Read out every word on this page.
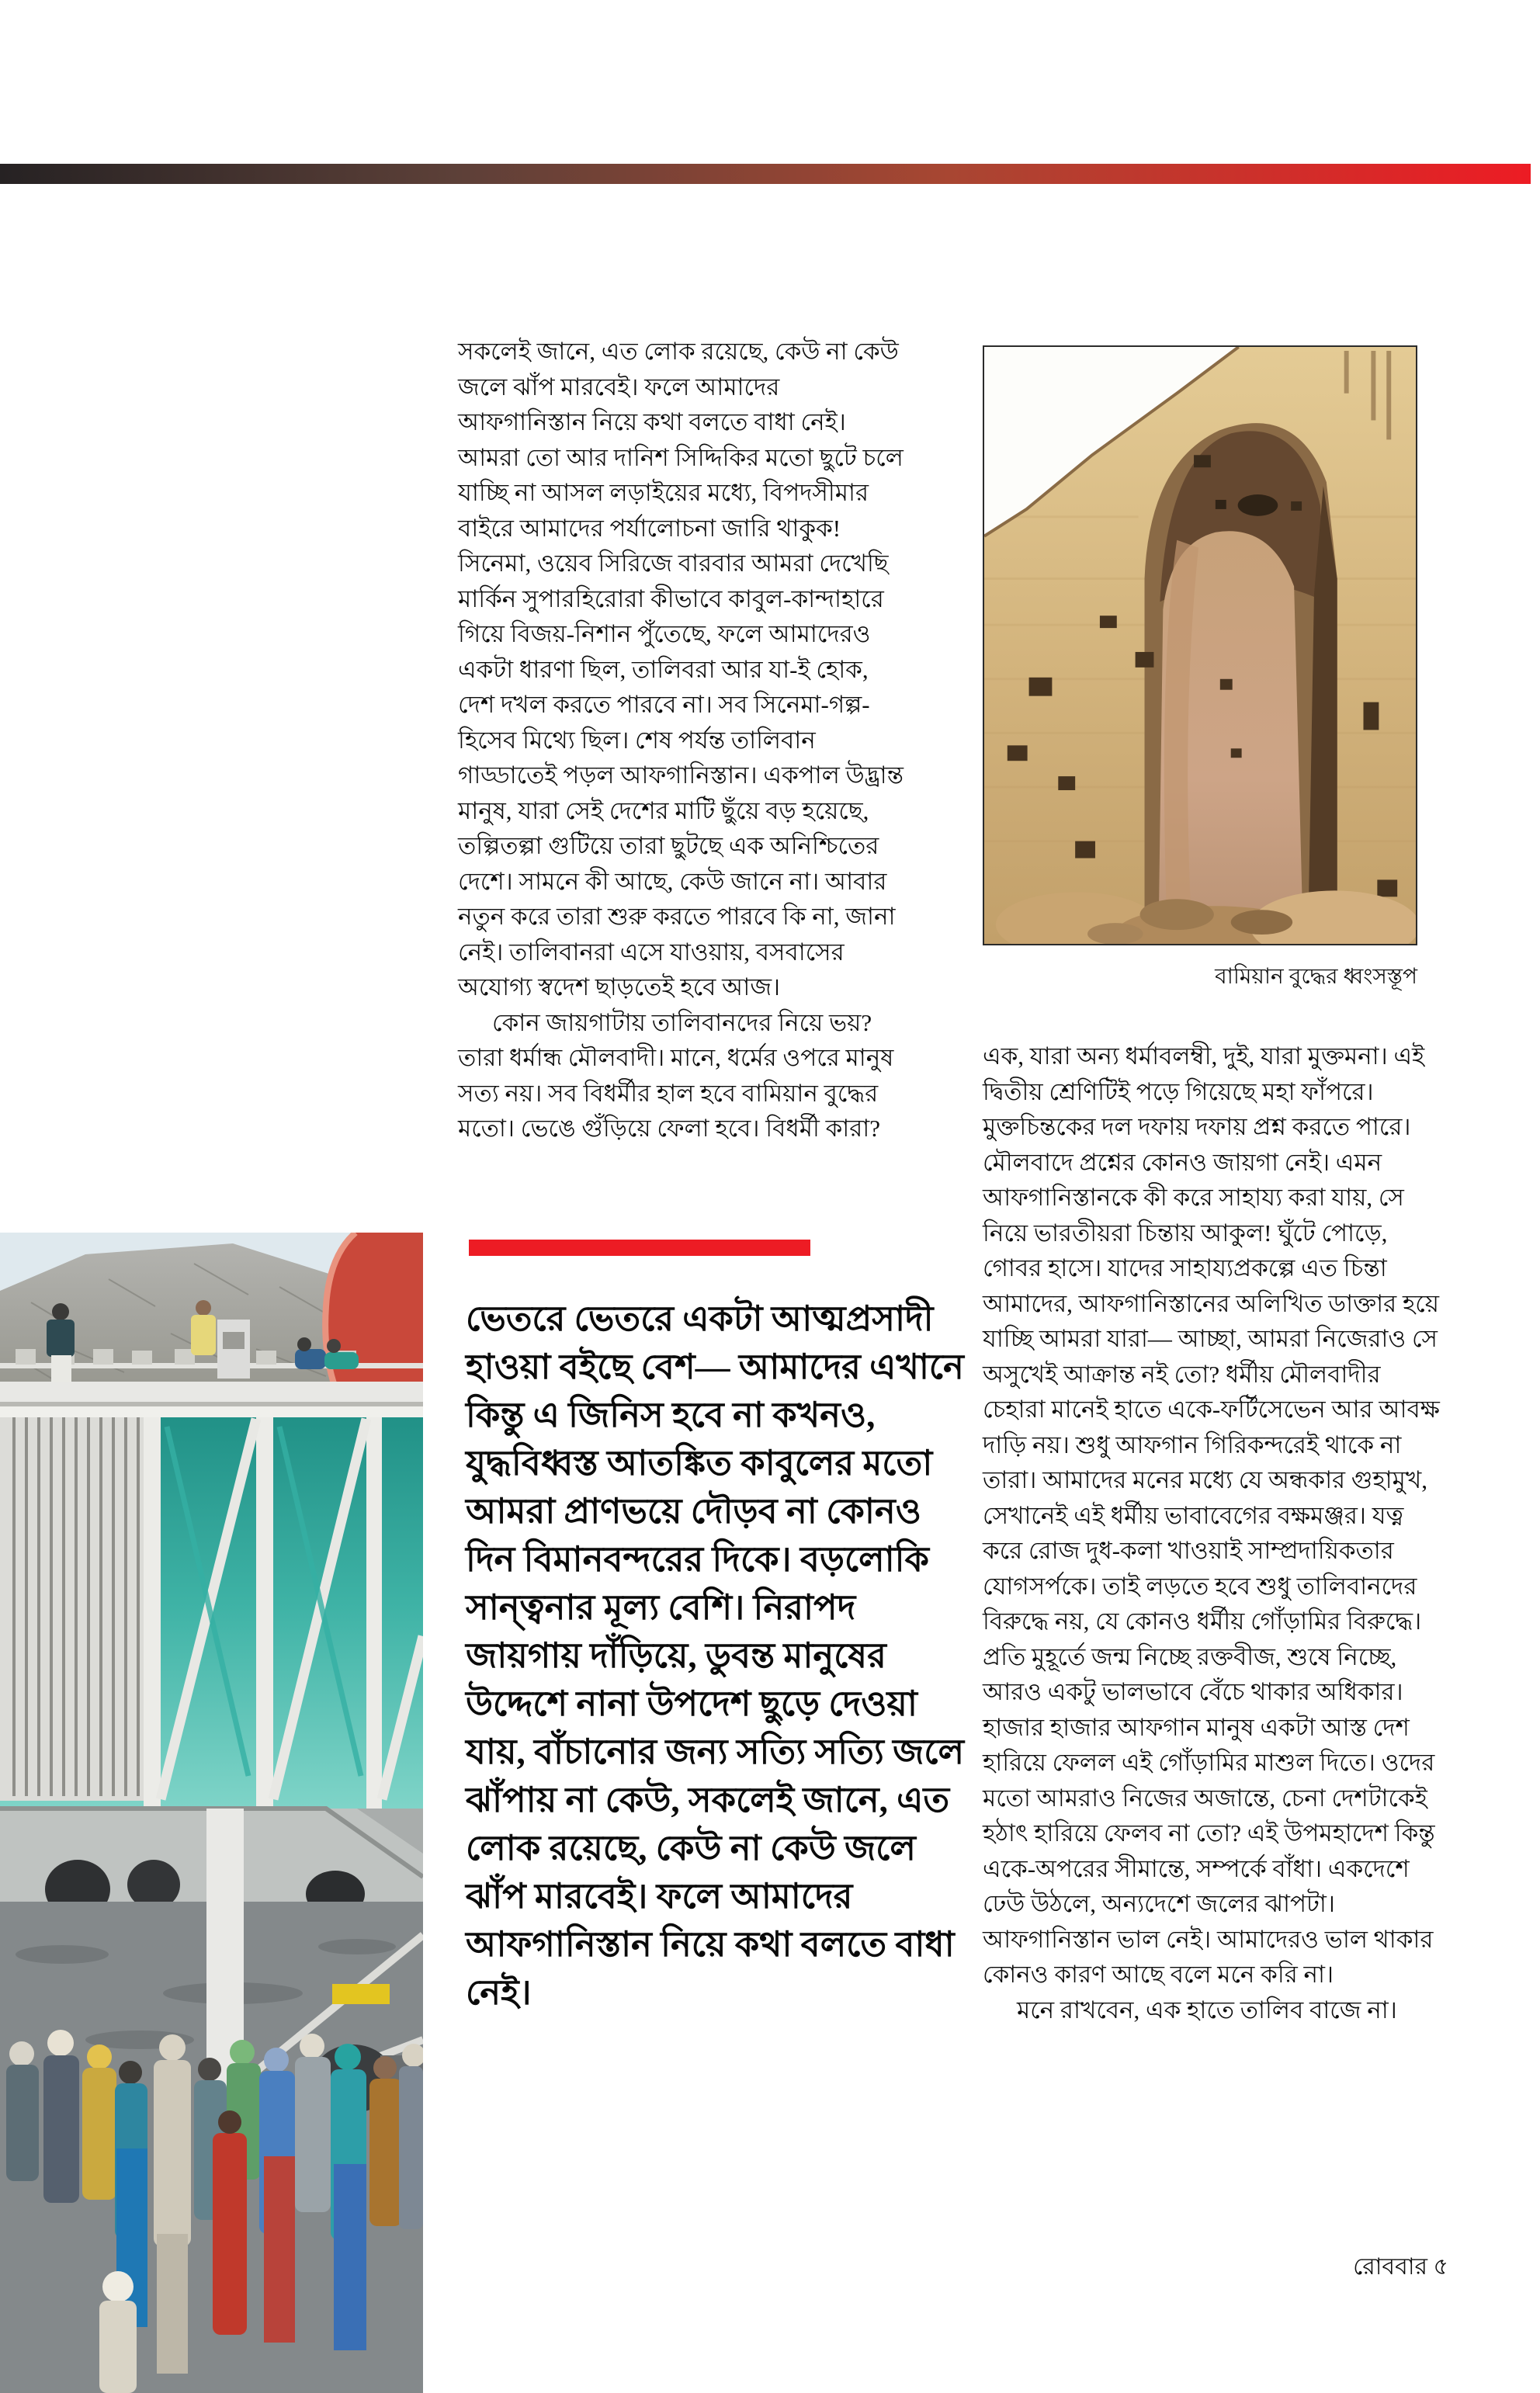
সকলেই জানে, এত লোক রয়েছে, কেউ না কেউ জলে ঝাঁপ মারবেই। ফলে আমাদের আফগানিস্তান নিয়ে কথা বলতে বাধা নেই। আমরা তো আর দানিশ সিদ্দিকির মতো ছুটে চলে যাচ্ছি না আসল লড়াইয়ের মধ্যে, বিপদসীমার বাইরে আমাদের পর্যালোচনা জারি থাকুক! সিনেমা, ওয়েব সিরিজে বারবার আমরা দেখেছি মার্কিন সুপারহিরোরা কীভাবে কাবুল-কান্দাহারে গিয়ে বিজয়-নিশান পুঁতেছে, ফলে আমাদেরও একটা ধারণা ছিল, তালিবরা আর যা-ই হোক, দেশ দখল করতে পারবে না। সব সিনেমা-গল্প-হিসেব মিথ্যে ছিল। শেষ পর্যন্ত তালিবান গাড্ডাতেই পড়ল আফগানিস্তান। একপাল উদ্ভ্রান্ত মানুষ, যারা সেই দেশের মাটি ছুঁয়ে বড় হয়েছে, তল্পিতল্পা গুটিয়ে তারা ছুটছে এক অনিশ্চিতের দেশে। সামনে কী আছে, কেউ জানে না। আবার নতুন করে তারা শুরু করতে পারবে কি না, জানা নেই। তালিবানরা এসে যাওয়ায়, বসবাসের অযোগ্য স্বদেশ ছাড়তেই হবে আজ।

কোন জায়গাটায় তালিবানদের নিয়ে ভয়? তারা ধর্মান্ধ মৌলবাদী। মানে, ধর্মের ওপরে মানুষ সত্য নয়। সব বিধর্মীর হাল হবে বামিয়ান বুদ্ধের মতো। ভেঙে গুঁড়িয়ে ফেলা হবে। বিধর্মী কারা?

বামিয়ান বুদ্ধের ধ্বংসস্তূপ

এক, যারা অন্য ধর্মাবলম্বী, দুই, যারা মুক্তমনা। এই দ্বিতীয় শ্রেণিটিই পড়ে গিয়েছে মহা ফাঁপরে। মুক্তচিন্তকের দল দফায় দফায় প্রশ্ন করতে পারে। মৌলবাদে প্রশ্নের কোনও জায়গা নেই। এমন আফগানিস্তানকে কী করে সাহায্য করা যায়, সে নিয়ে ভারতীয়রা চিন্তায় আকুল! ঘুঁটে পোড়ে, গোবর হাসে। যাদের সাহায্যপ্রকল্পে এত চিন্তা আমাদের, আফগানিস্তানের অলিখিত ডাক্তার হয়ে যাচ্ছি আমরা যারা— আচ্ছা, আমরা নিজেরাও সে অসুখেই আক্রান্ত নই তো? ধর্মীয় মৌলবাদীর চেহারা মানেই হাতে একে-ফর্টিসেভেন আর আবক্ষ দাড়ি নয়। শুধু আফগান গিরিকন্দরেই থাকে না তারা। আমাদের মনের মধ্যে যে অন্ধকার গুহামুখ, সেখানেই এই ধর্মীয় ভাবাবেগের বক্ষমঞ্জর। যত্ন করে রোজ দুধ-কলা খাওয়াই সাম্প্রদায়িকতার যোগসর্পকে। তাই লড়তে হবে শুধু তালিবানদের বিরুদ্ধে নয়, যে কোনও ধর্মীয় গোঁড়ামির বিরুদ্ধে। প্রতি মুহূর্তে জন্ম নিচ্ছে রক্তবীজ, শুষে নিচ্ছে, আরও একটু ভালভাবে বেঁচে থাকার অধিকার। হাজার হাজার আফগান মানুষ একটা আস্ত দেশ হারিয়ে ফেলল এই গোঁড়ামির মাশুল দিতে। ওদের মতো আমরাও নিজের অজান্তে, চেনা দেশটাকেই হঠাৎ হারিয়ে ফেলব না তো? এই উপমহাদেশ কিন্তু একে-অপরের সীমান্তে, সম্পর্কে বাঁধা। একদেশে ঢেউ উঠলে, অন্যদেশে জলের ঝাপটা। আফগানিস্তান ভাল নেই। আমাদেরও ভাল থাকার কোনও কারণ আছে বলে মনে করি না।

মনে রাখবেন, এক হাতে তালিব বাজে না।

ভেতরে ভেতরে একটা আত্মপ্রসাদী হাওয়া বইছে বেশ— আমাদের এখানে কিন্তু এ জিনিস হবে না কখনও, যুদ্ধবিধ্বস্ত আতঙ্কিত কাবুলের মতো আমরা প্রাণভয়ে দৌড়ব না কোনও দিন বিমানবন্দরের দিকে। বড়লোকি সান্ত্বনার মূল্য বেশি। নিরাপদ জায়গায় দাঁড়িয়ে, ডুবন্ত মানুষের উদ্দেশে নানা উপদেশ ছুড়ে দেওয়া যায়, বাঁচানোর জন্য সত্যি সত্যি জলে ঝাঁপায় না কেউ, সকলেই জানে, এত লোক রয়েছে, কেউ না কেউ জলে ঝাঁপ মারবেই। ফলে আমাদের আফগানিস্তান নিয়ে কথা বলতে বাধা নেই।
রোববার ৫
